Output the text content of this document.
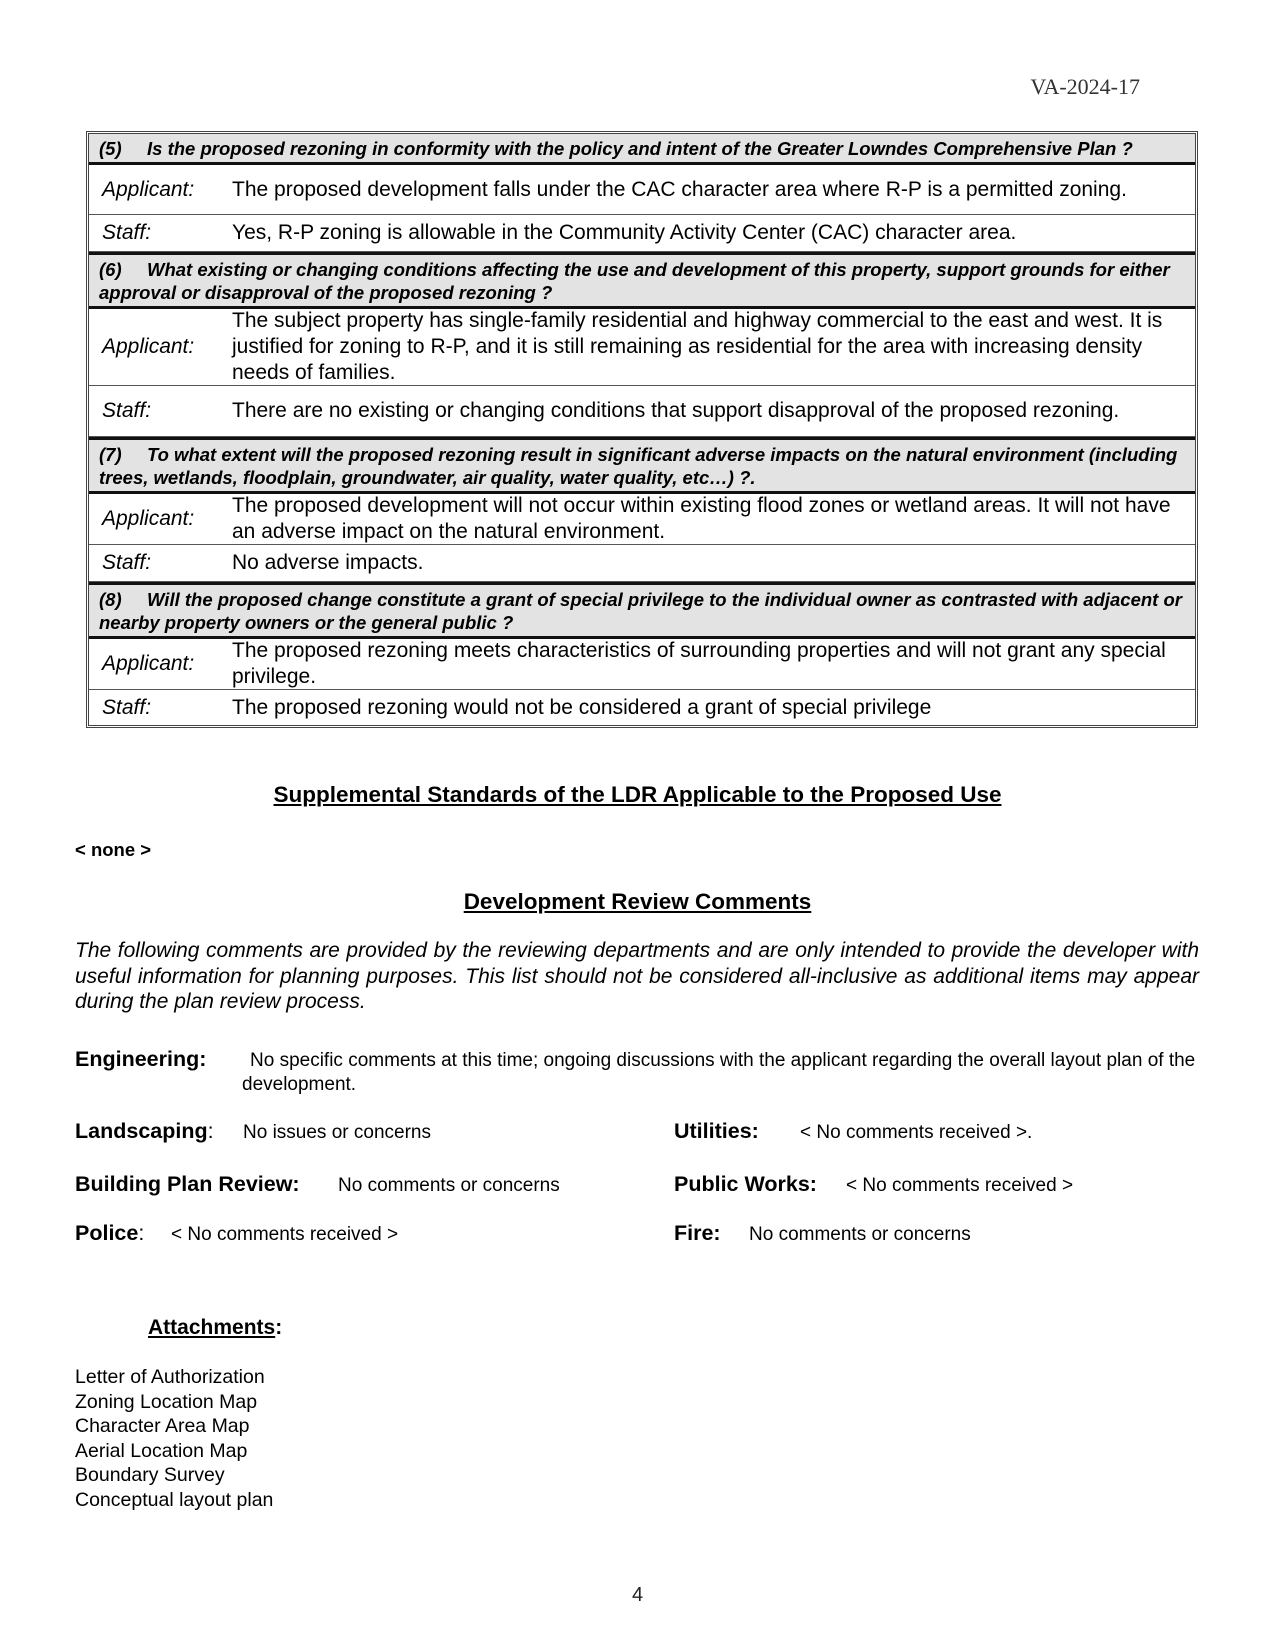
VA-2024-17
(5) Is the proposed rezoning in conformity with the policy and intent of the Greater Lowndes Comprehensive Plan ?
Applicant:	The proposed development falls under the CAC character area where R-P is a permitted zoning.
Staff:	Yes, R-P zoning is allowable in the Community Activity Center (CAC) character area.
(6) What existing or changing conditions affecting the use and development of this property, support grounds for either approval or disapproval of the proposed rezoning ?
Applicant:
The subject property has single-family residential and highway commercial to the east and west. It is justified for zoning to R-P, and it is still remaining as residential for the area with increasing density needs of families.
Staff:	There are no existing or changing conditions that support disapproval of the proposed rezoning.
(7) To what extent will the proposed rezoning result in significant adverse impacts on the natural environment (including trees, wetlands, floodplain, groundwater, air quality, water quality, etc…) ?.
Applicant:
The proposed development will not occur within existing flood zones or wetland areas. It will not have an adverse impact on the natural environment.
Staff:	No adverse impacts.
(8) Will the proposed change constitute a grant of special privilege to the individual owner as contrasted with adjacent or nearby property owners or the general public ?
Applicant:
The proposed rezoning meets characteristics of surrounding properties and will not grant any special privilege.
Staff:	The proposed rezoning would not be considered a grant of special privilege
Supplemental Standards of the LDR Applicable to the Proposed Use
< none >
Development Review Comments
The following comments are provided by the reviewing departments and are only intended to provide the developer with useful information for planning purposes. This list should not be considered all-inclusive as additional items may appear during the plan review process.
Engineering:	No specific comments at this time; ongoing discussions with the applicant regarding the overall layout plan of the development.
Landscaping: No issues or concerns	Utilities: < No comments received >.
Building Plan Review: No comments or concerns	Public Works: < No comments received >
Police: < No comments received >	Fire: No comments or concerns
Attachments:
Letter of Authorization
Zoning Location Map
Character Area Map
Aerial Location Map
Boundary Survey
Conceptual layout plan
4
